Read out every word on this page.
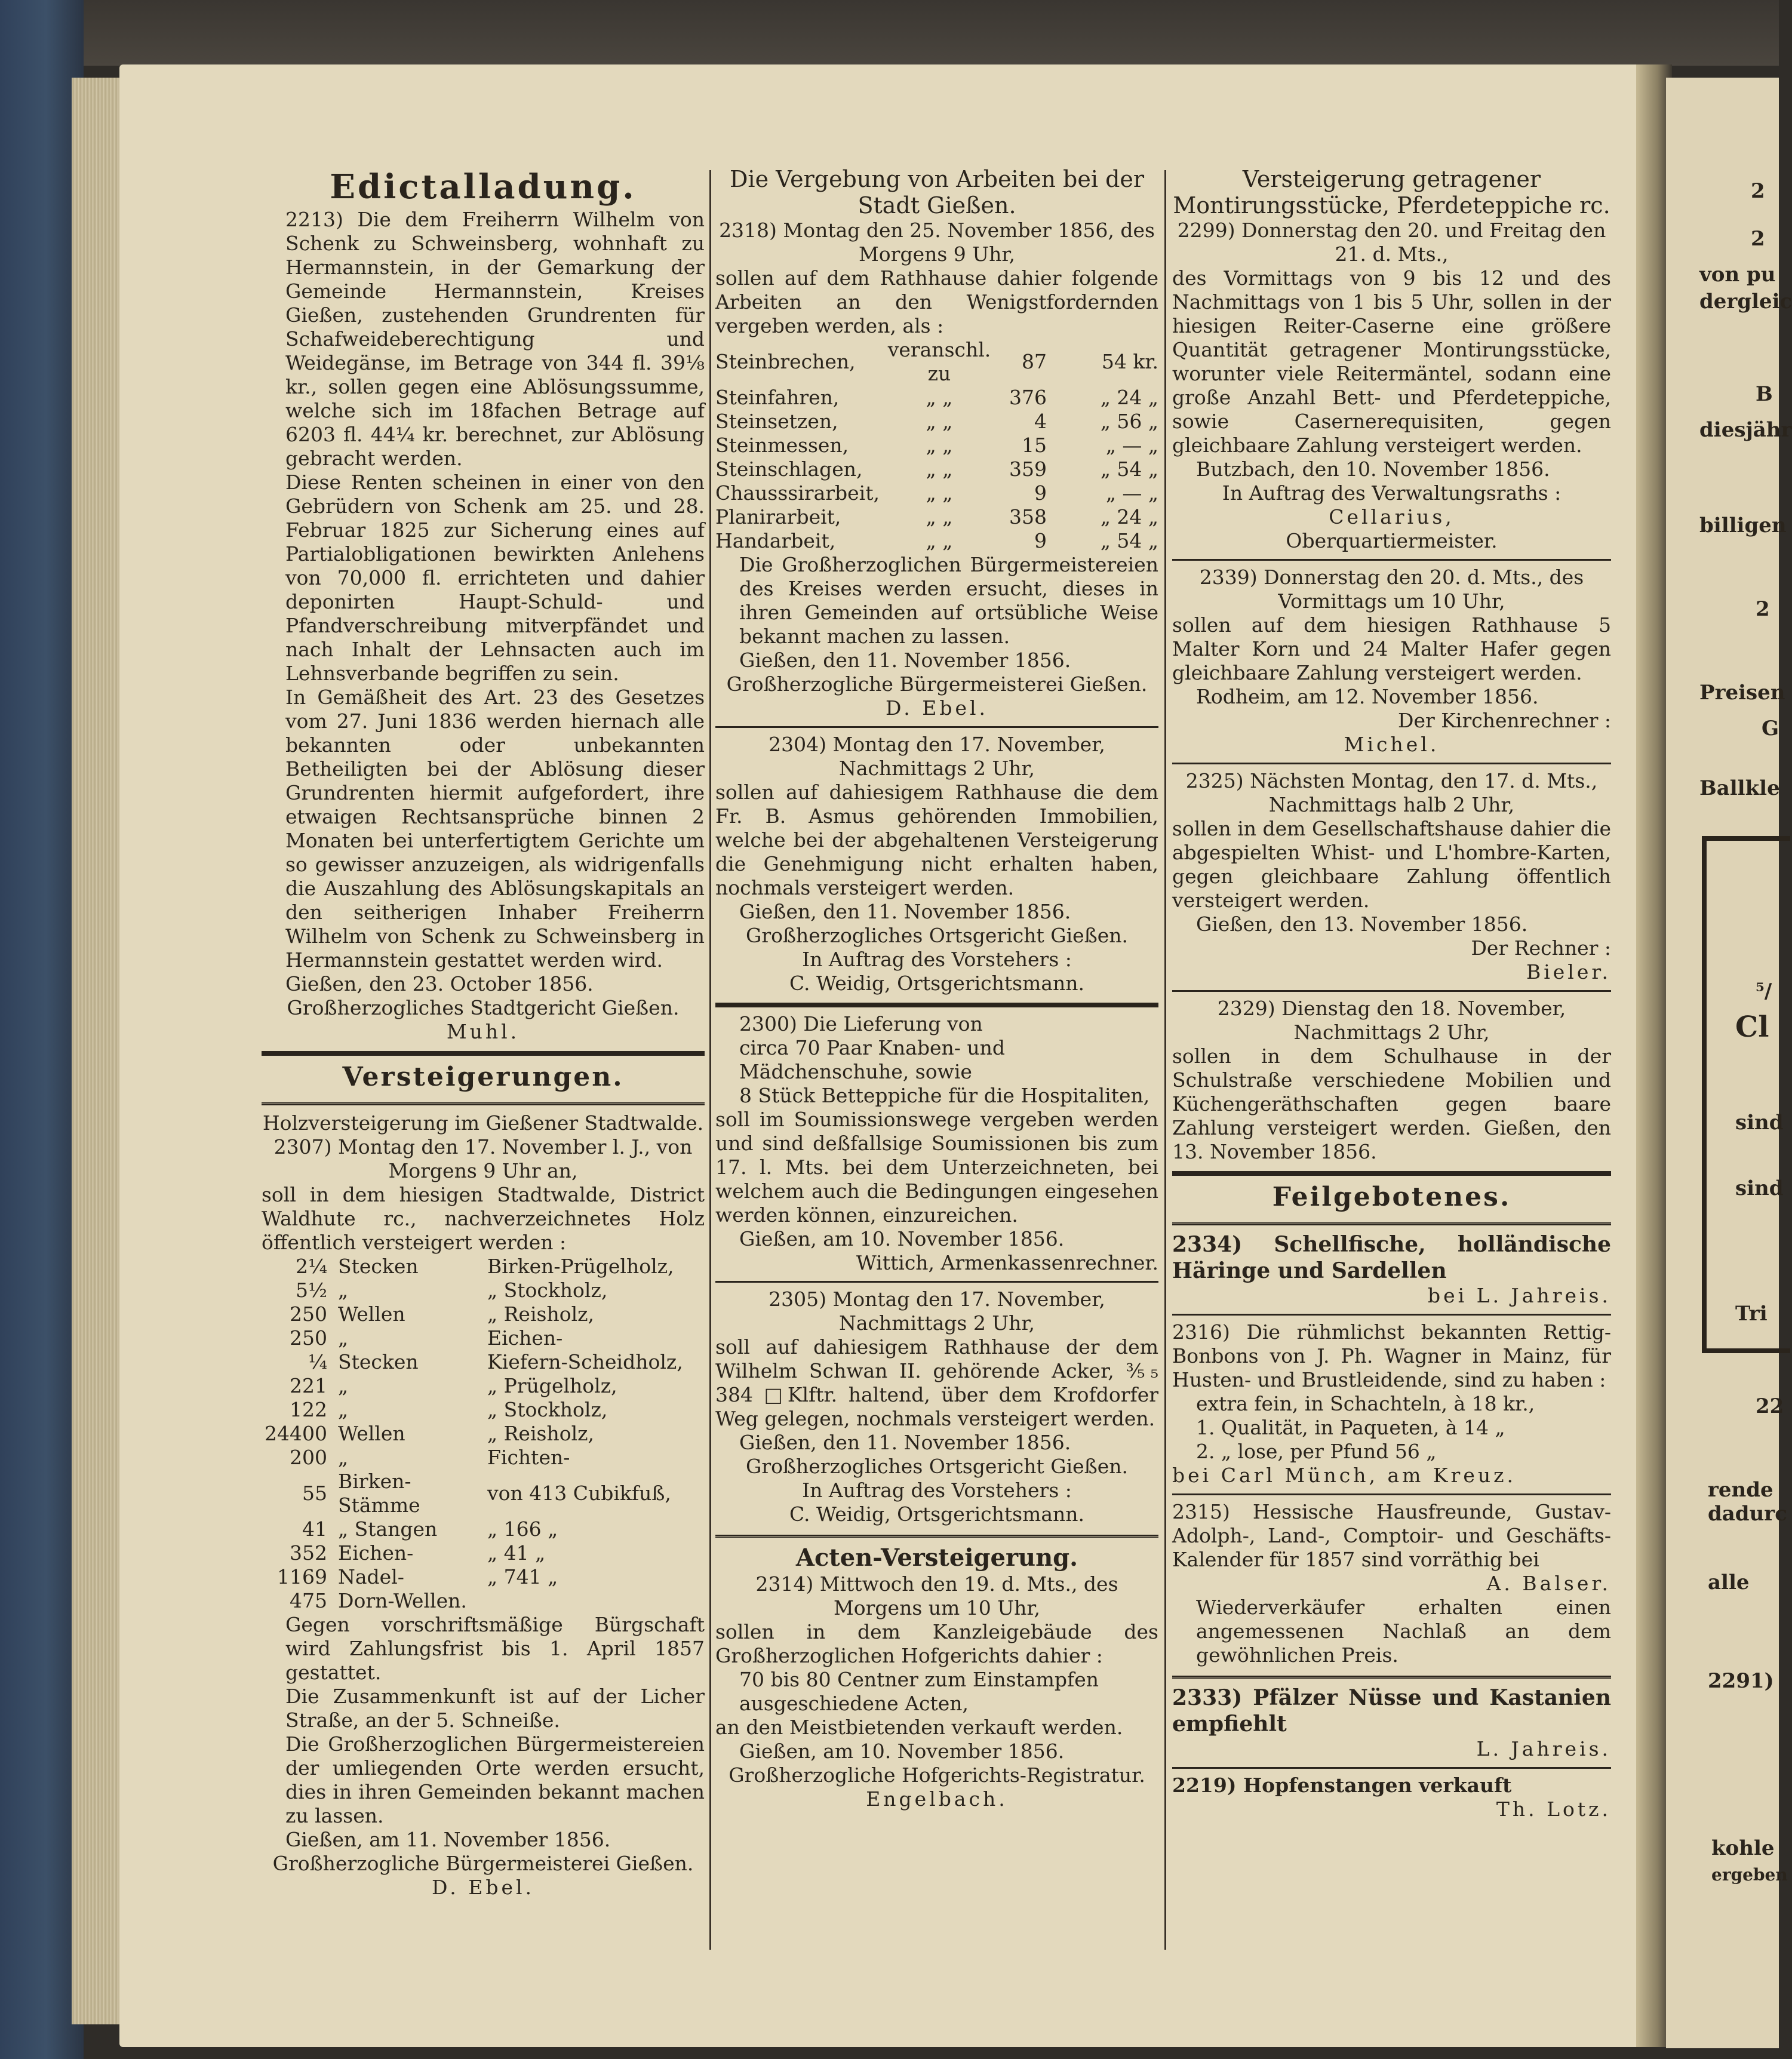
2
2
von pu
dergleic
B
diesjähr
billigen
2
Preisen
G
Ballkle
⁵/
Cl
sind
sind
Tri
22
rende
dadurc
alle
2291)
kohle
ergeben
Edictalladung.
2213) Die dem Freiherrn Wilhelm von Schenk zu Schweinsberg, wohnhaft zu Hermannstein, in der Gemarkung der Gemeinde Hermannstein, Kreises Gießen, zustehenden Grundrenten für Schafweideberechtigung und Weidegänse, im Betrage von 344 fl. 39⅛ kr., sollen gegen eine Ablösungssumme, welche sich im 18fachen Betrage auf 6203 fl. 44¼ kr. berechnet, zur Ablösung gebracht werden.
Diese Renten scheinen in einer von den Gebrüdern von Schenk am 25. und 28. Februar 1825 zur Sicherung eines auf Partialobligationen bewirkten Anlehens von 70,000 fl. errichteten und dahier deponirten Haupt-Schuld- und Pfandverschreibung mitverpfändet und nach Inhalt der Lehnsacten auch im Lehnsverbande begriffen zu sein.
In Gemäßheit des Art. 23 des Gesetzes vom 27. Juni 1836 werden hiernach alle bekannten oder unbekannten Betheiligten bei der Ablösung dieser Grundrenten hiermit aufgefordert, ihre etwaigen Rechtsansprüche binnen 2 Monaten bei unterfertigtem Gerichte um so gewisser anzuzeigen, als widrigenfalls die Auszahlung des Ablösungskapitals an den seitherigen Inhaber Freiherrn Wilhelm von Schenk zu Schweinsberg in Hermannstein gestattet werden wird.
Gießen, den 23. October 1856.
Großherzogliches Stadtgericht Gießen.
Muhl.
Versteigerungen.
Holzversteigerung im Gießener Stadtwalde.
2307) Montag den 17. November l. J., von Morgens 9 Uhr an,
soll in dem hiesigen Stadtwalde, District Waldhute rc., nachverzeichnetes Holz öffentlich versteigert werden :
2¼	Stecken	Birken-Prügelholz,
5½	„	„ Stockholz,
250	Wellen	„ Reisholz,
250	„	Eichen-
¼	Stecken	Kiefern-Scheidholz,
221	„	„ Prügelholz,
122	„	„ Stockholz,
24400	Wellen	„ Reisholz,
200	„	Fichten-
55	Birken-Stämme	von 413 Cubikfuß,
41	„ Stangen	„ 166 „
352	Eichen-	„ 41 „
1169	Nadel-	„ 741 „
475	Dorn-Wellen.	
Gegen vorschriftsmäßige Bürgschaft wird Zahlungsfrist bis 1. April 1857 gestattet.
Die Zusammenkunft ist auf der Licher Straße, an der 5. Schneiße.
Die Großherzoglichen Bürgermeistereien der umliegenden Orte werden ersucht, dies in ihren Gemeinden bekannt machen zu lassen.
Gießen, am 11. November 1856.
Großherzogliche Bürgermeisterei Gießen.
D. Ebel.
Die Vergebung von Arbeiten bei der Stadt Gießen.
2318) Montag den 25. November 1856, des Morgens 9 Uhr,
sollen auf dem Rathhause dahier folgende Arbeiten an den Wenigstfordernden vergeben werden, als :
Steinbrechen,	veranschl. zu	87	54 kr.
Steinfahren,	„ „	376	„ 24 „
Steinsetzen,	„ „	4	„ 56 „
Steinmessen,	„ „	15	„ — „
Steinschlagen,	„ „	359	„ 54 „
Chausssirarbeit,	„ „	9	„ — „
Planirarbeit,	„ „	358	„ 24 „
Handarbeit,	„ „	9	„ 54 „
Die Großherzoglichen Bürgermeistereien des Kreises werden ersucht, dieses in ihren Gemeinden auf ortsübliche Weise bekannt machen zu lassen.
Gießen, den 11. November 1856.
Großherzogliche Bürgermeisterei Gießen.
D. Ebel.
2304) Montag den 17. November, Nachmittags 2 Uhr,
sollen auf dahiesigem Rathhause die dem Fr. B. Asmus gehörenden Immobilien, welche bei der abgehaltenen Versteigerung die Genehmigung nicht erhalten haben, nochmals versteigert werden.
Gießen, den 11. November 1856.
Großherzogliches Ortsgericht Gießen.
In Auftrag des Vorstehers :
C. Weidig, Ortsgerichtsmann.
2300) Die Lieferung von
circa 70 Paar Knaben- und Mädchenschuhe, sowie
8 Stück Betteppiche für die Hospitaliten,
soll im Soumissionswege vergeben werden und sind deßfallsige Soumissionen bis zum 17. l. Mts. bei dem Unterzeichneten, bei welchem auch die Bedingungen eingesehen werden können, einzureichen.
Gießen, am 10. November 1856.
Wittich, Armenkassenrechner.
2305) Montag den 17. November, Nachmittags 2 Uhr,
soll auf dahiesigem Rathhause der dem Wilhelm Schwan II. gehörende Acker, ⅗₅ 384 □Klftr. haltend, über dem Krofdorfer Weg gelegen, nochmals versteigert werden.
Gießen, den 11. November 1856.
Großherzogliches Ortsgericht Gießen.
In Auftrag des Vorstehers :
C. Weidig, Ortsgerichtsmann.
Acten-Versteigerung.
2314) Mittwoch den 19. d. Mts., des Morgens um 10 Uhr,
sollen in dem Kanzleigebäude des Großherzoglichen Hofgerichts dahier :
70 bis 80 Centner zum Einstampfen ausgeschiedene Acten,
an den Meistbietenden verkauft werden.
Gießen, am 10. November 1856.
Großherzogliche Hofgerichts-Registratur.
Engelbach.
Versteigerung getragener Montirungsstücke, Pferdeteppiche rc.
2299) Donnerstag den 20. und Freitag den 21. d. Mts.,
des Vormittags von 9 bis 12 und des Nachmittags von 1 bis 5 Uhr, sollen in der hiesigen Reiter-Caserne eine größere Quantität getragener Montirungsstücke, worunter viele Reitermäntel, sodann eine große Anzahl Bett- und Pferdeteppiche, sowie Casernerequisiten, gegen gleichbaare Zahlung versteigert werden.
Butzbach, den 10. November 1856.
In Auftrag des Verwaltungsraths :
Cellarius,
Oberquartiermeister.
2339) Donnerstag den 20. d. Mts., des Vormittags um 10 Uhr,
sollen auf dem hiesigen Rathhause 5 Malter Korn und 24 Malter Hafer gegen gleichbaare Zahlung versteigert werden.
Rodheim, am 12. November 1856.
Der Kirchenrechner :
Michel.
2325) Nächsten Montag, den 17. d. Mts., Nachmittags halb 2 Uhr,
sollen in dem Gesellschaftshause dahier die abgespielten Whist- und L'hombre-Karten, gegen gleichbaare Zahlung öffentlich versteigert werden.
Gießen, den 13. November 1856.
Der Rechner :
Bieler.
2329) Dienstag den 18. November, Nachmittags 2 Uhr,
sollen in dem Schulhause in der Schulstraße verschiedene Mobilien und Küchengeräthschaften gegen baare Zahlung versteigert werden. Gießen, den 13. November 1856.
Feilgebotenes.
2334) Schellfische, holländische Häringe und Sardellen
bei L. Jahreis.
2316) Die rühmlichst bekannten Rettig-Bonbons von J. Ph. Wagner in Mainz, für Husten- und Brustleidende, sind zu haben :
extra fein, in Schachteln, à 18 kr.,
1. Qualität, in Paqueten, à 14 „
2. „ lose, per Pfund 56 „
bei Carl Münch, am Kreuz.
2315) Hessische Hausfreunde, Gustav-Adolph-, Land-, Comptoir- und Geschäfts-Kalender für 1857 sind vorräthig bei
A. Balser.
Wiederverkäufer erhalten einen angemessenen Nachlaß an dem gewöhnlichen Preis.
2333) Pfälzer Nüsse und Kastanien empfiehlt
L. Jahreis.
2219) Hopfenstangen verkauft
Th. Lotz.
